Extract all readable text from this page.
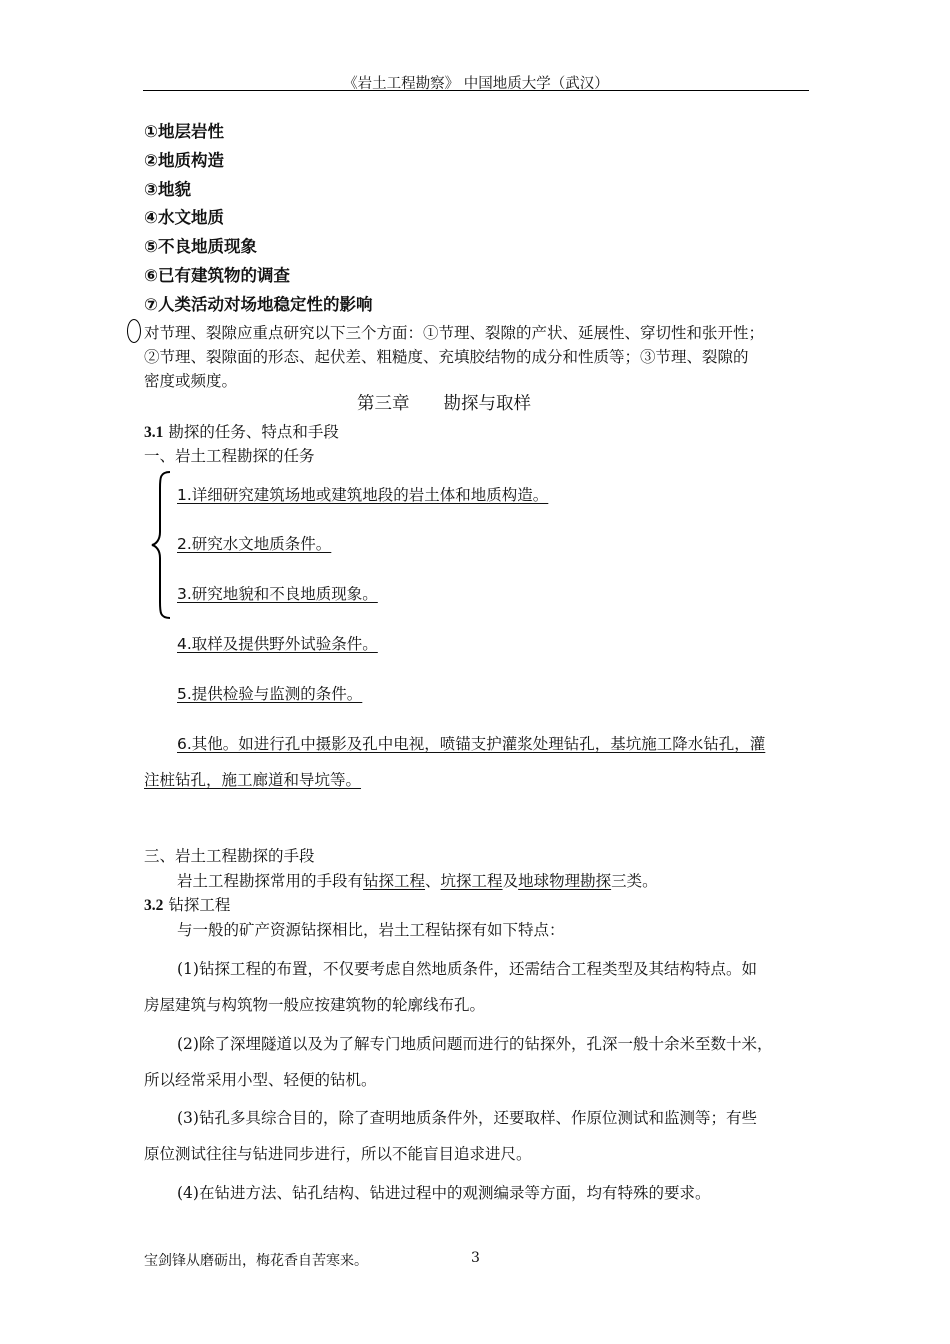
《岩土工程勘察》 中国地质大学（武汉）
①地层岩性
②地质构造
③地貌
④水文地质
⑤不良地质现象
⑥已有建筑物的调查
⑦人类活动对场地稳定性的影响
对节理、裂隙应重点研究以下三个方面：①节理、裂隙的产状、延展性、穿切性和张开性；
②节理、裂隙面的形态、起伏差、粗糙度、充填胶结物的成分和性质等；③节理、裂隙的
密度或频度。
第三章 勘探与取样
3.1 勘探的任务、特点和手段
一、岩土工程勘探的任务
1.详细研究建筑场地或建筑地段的岩土体和地质构造。
2.研究水文地质条件。
3.研究地貌和不良地质现象。
4.取样及提供野外试验条件。
5.提供检验与监测的条件。
6.其他。如进行孔中摄影及孔中电视，喷锚支护灌浆处理钻孔，基坑施工降水钻孔，灌
注桩钻孔，施工廊道和导坑等。
三、岩土工程勘探的手段
岩土工程勘探常用的手段有钻探工程、坑探工程及地球物理勘探三类。
3.2 钻探工程
与一般的矿产资源钻探相比，岩土工程钻探有如下特点：
(1)钻探工程的布置，不仅要考虑自然地质条件，还需结合工程类型及其结构特点。如
房屋建筑与构筑物一般应按建筑物的轮廓线布孔。
(2)除了深埋隧道以及为了解专门地质问题而进行的钻探外，孔深一般十余米至数十米，
所以经常采用小型、轻便的钻机。
(3)钻孔多具综合目的，除了查明地质条件外，还要取样、作原位测试和监测等；有些
原位测试往往与钻进同步进行，所以不能盲目追求进尺。
(4)在钻进方法、钻孔结构、钻进过程中的观测编录等方面，均有特殊的要求。
宝剑锋从磨砺出，梅花香自苦寒来。	3
